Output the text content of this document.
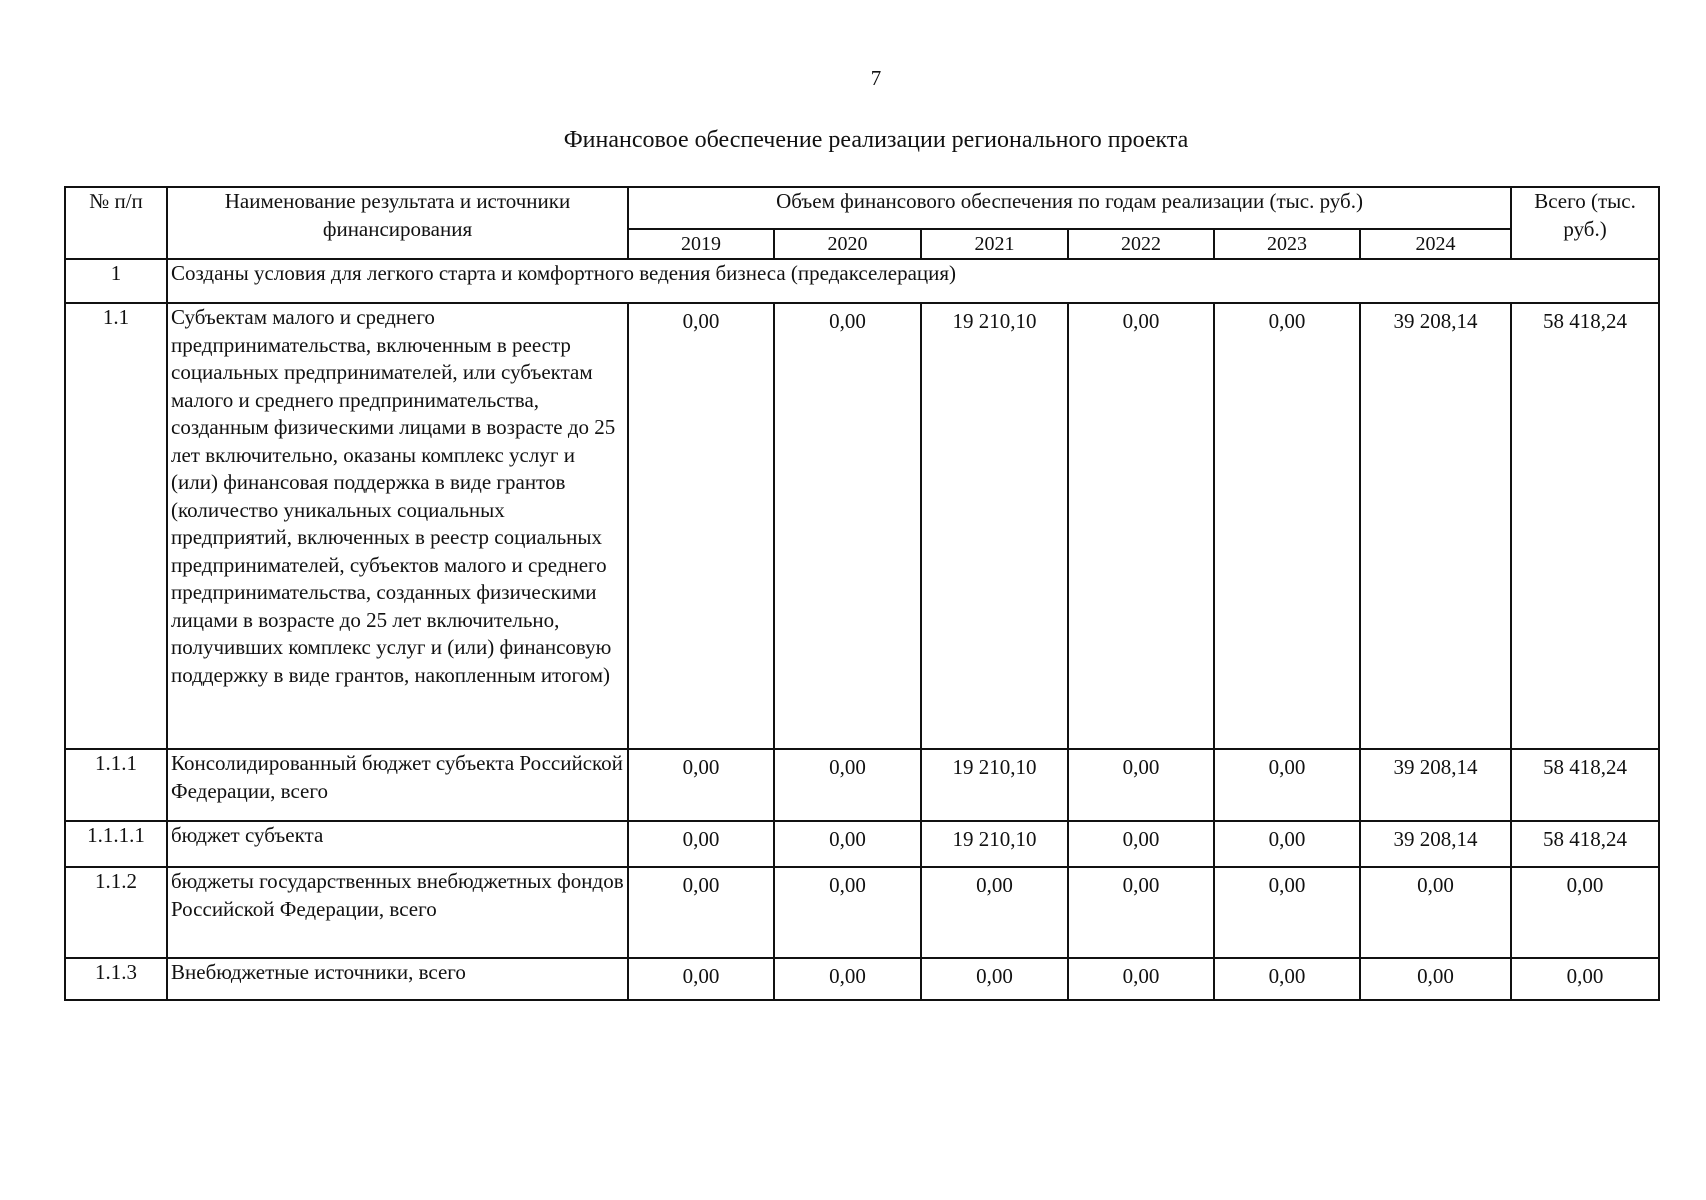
7
Финансовое обеспечение реализации регионального проекта
№ п/п	Наименование результата и источники финансирования	Объем финансового обеспечения по годам реализации (тыс. руб.)						Всего (тыс. руб.)
		2019	2020	2021	2022	2023	2024	
1	Созданы условия для легкого старта и комфортного ведения бизнеса (предакселерация)							
1.1	Субъектам малого и среднего предпринимательства, включенным в реестр социальных предпринимателей, или субъектам малого и среднего предпринимательства, созданным физическими лицами в возрасте до 25 лет включительно, оказаны комплекс услуг и (или) финансовая поддержка в виде грантов (количество уникальных социальных предприятий, включенных в реестр социальных предпринимателей, субъектов малого и среднего предпринимательства, созданных физическими лицами в возрасте до 25 лет включительно, получивших комплекс услуг и (или) финансовую поддержку в виде грантов, накопленным итогом)	0,00	0,00	19 210,10	0,00	0,00	39 208,14	58 418,24
1.1.1	Консолидированный бюджет субъекта Российской Федерации, всего	0,00	0,00	19 210,10	0,00	0,00	39 208,14	58 418,24
1.1.1.1	бюджет субъекта	0,00	0,00	19 210,10	0,00	0,00	39 208,14	58 418,24
1.1.2	бюджеты государственных внебюджетных фондов Российской Федерации, всего	0,00	0,00	0,00	0,00	0,00	0,00	0,00
1.1.3	Внебюджетные источники, всего	0,00	0,00	0,00	0,00	0,00	0,00	0,00
